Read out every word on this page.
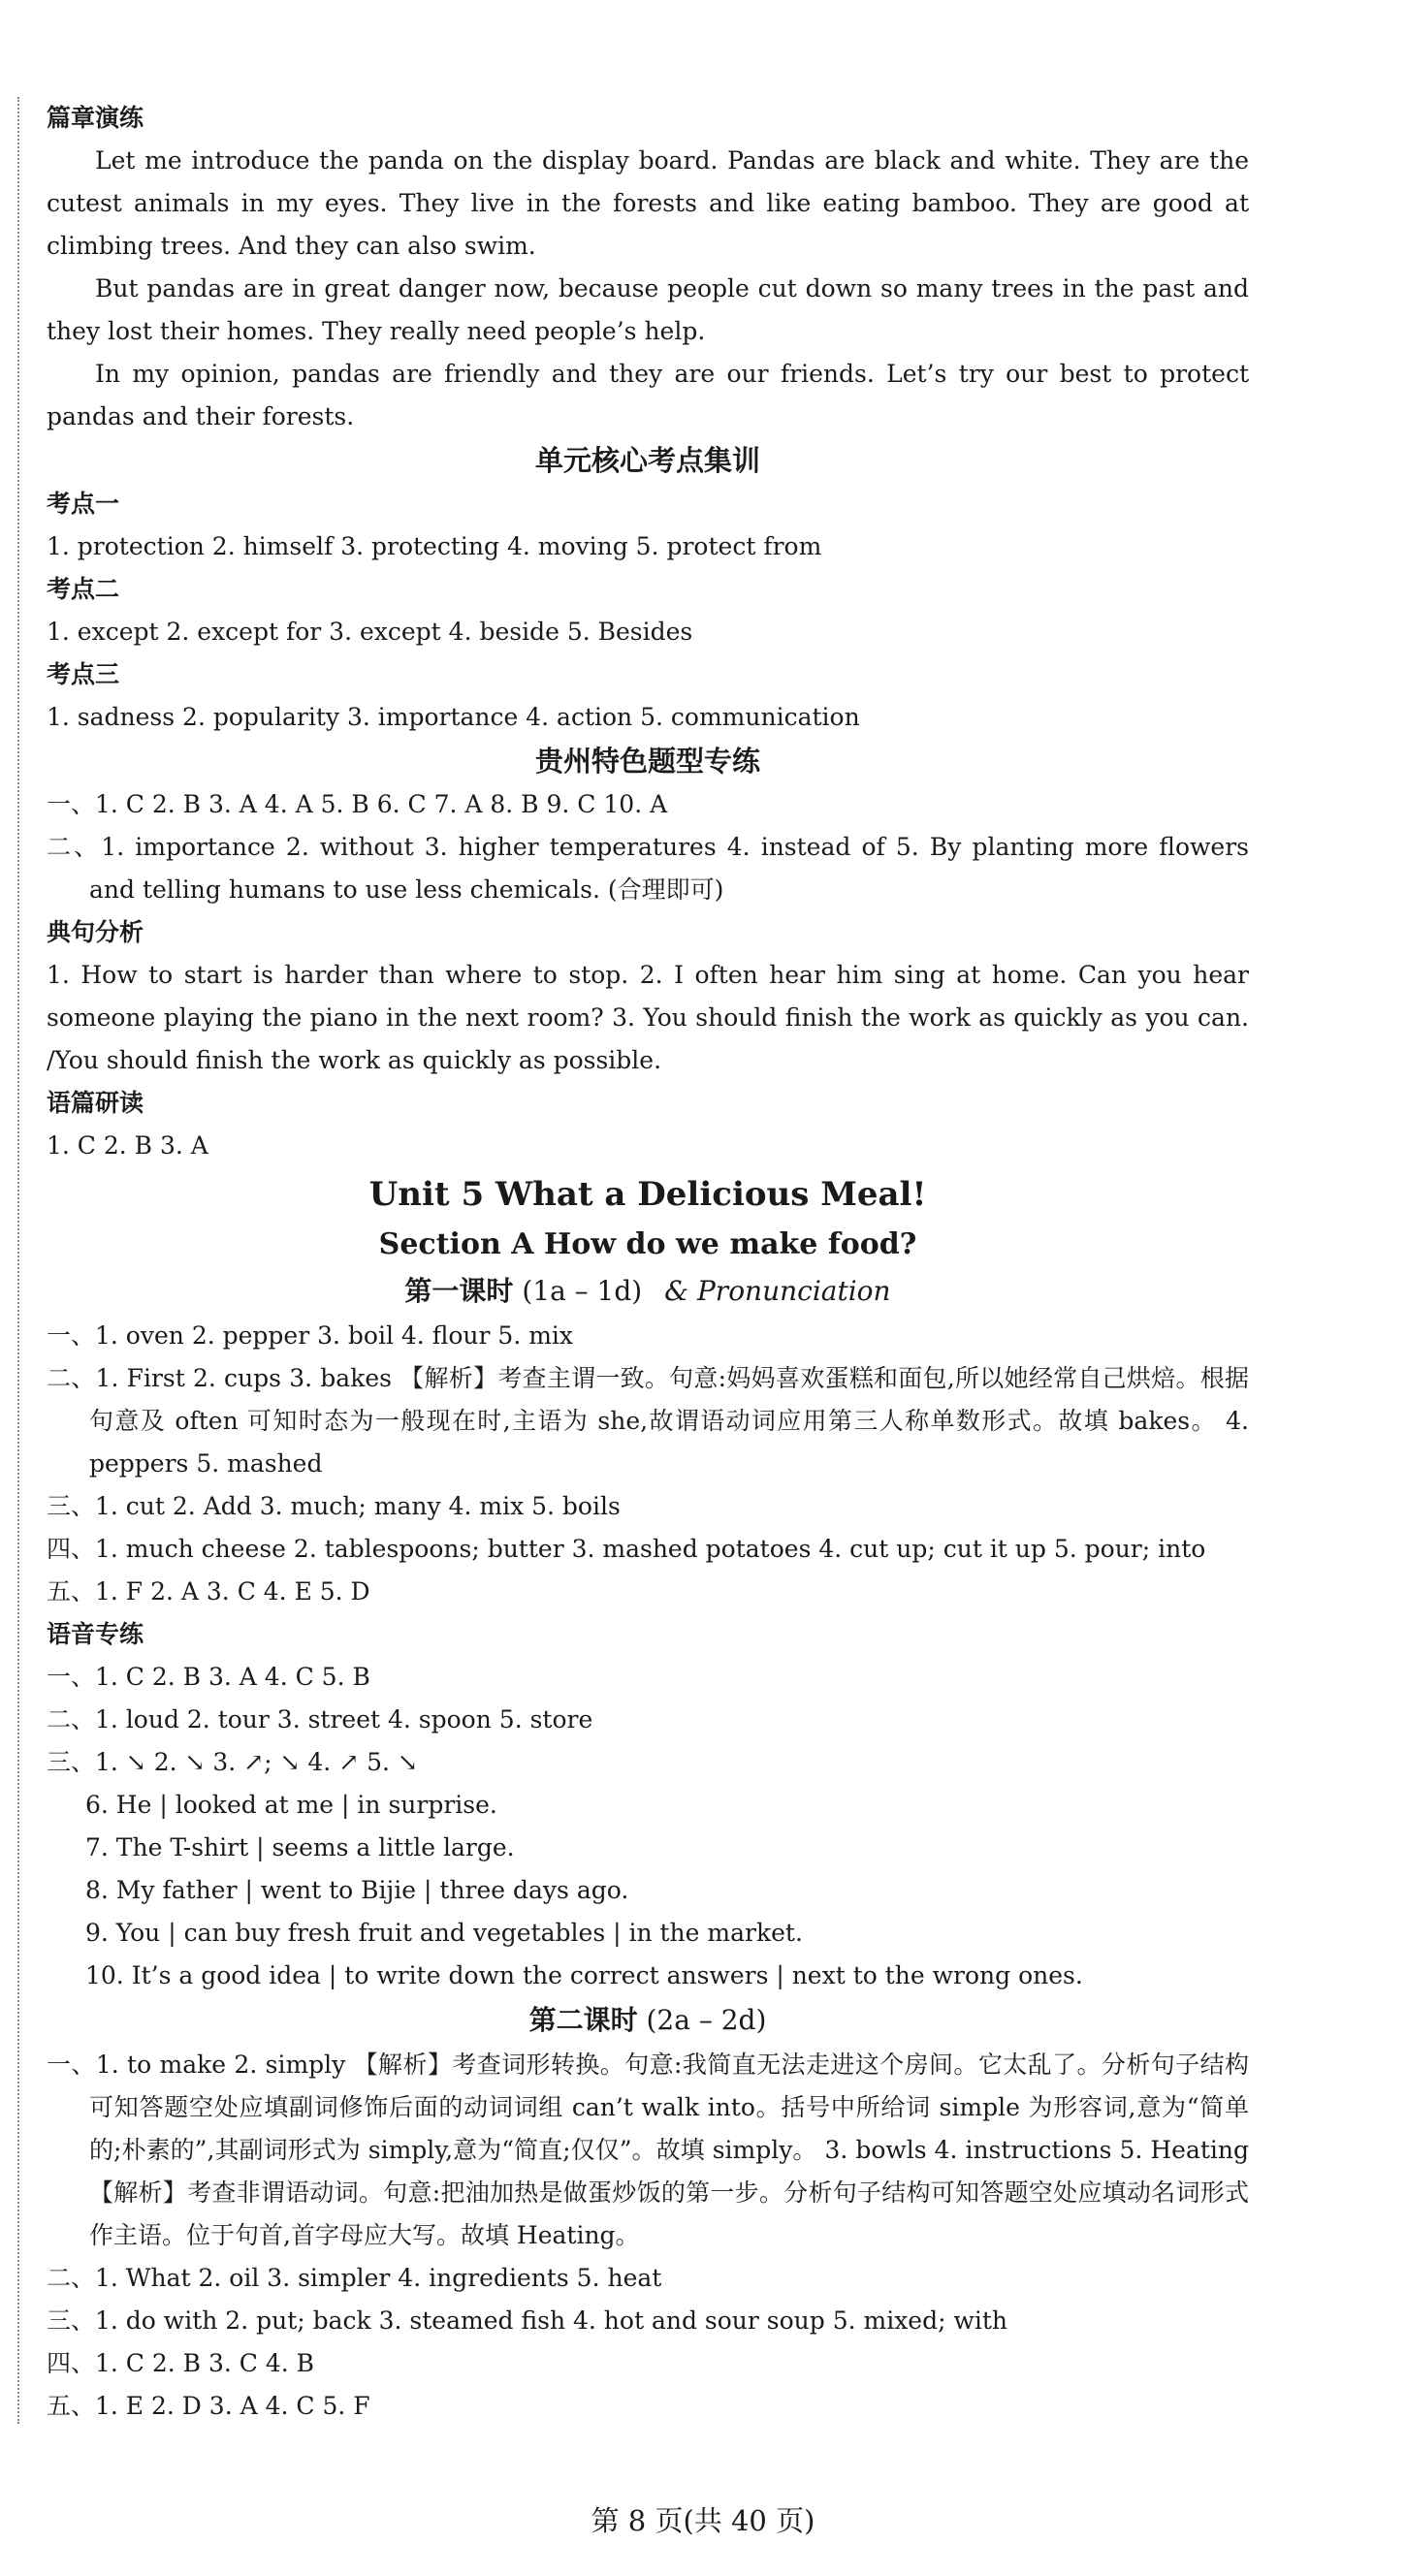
篇章演练
Let me introduce the panda on the display board. Pandas are black and white. They are the cutest animals in my eyes. They live in the forests and like eating bamboo. They are good at climbing trees. And they can also swim.
But pandas are in great danger now, because people cut down so many trees in the past and they lost their homes. They really need people’s help.
In my opinion, pandas are friendly and they are our friends. Let’s try our best to protect pandas and their forests.
单元核心考点集训
考点一
1. protection 2. himself 3. protecting 4. moving 5. protect from
考点二
1. except 2. except for 3. except 4. beside 5. Besides
考点三
1. sadness 2. popularity 3. importance 4. action 5. communication
贵州特色题型专练
一、1. C 2. B 3. A 4. A 5. B 6. C 7. A 8. B 9. C 10. A
二、1. importance 2. without 3. higher temperatures 4. instead of 5. By planting more flowers and telling humans to use less chemicals. (合理即可)
典句分析
1. How to start is harder than where to stop. 2. I often hear him sing at home. Can you hear someone playing the piano in the next room? 3. You should finish the work as quickly as you can. /You should finish the work as quickly as possible.
语篇研读
1. C 2. B 3. A
Unit 5 What a Delicious Meal!
Section A How do we make food?
第一课时 (1a – 1d) & Pronunciation
一、1. oven 2. pepper 3. boil 4. flour 5. mix
二、1. First 2. cups 3. bakes 【解析】考查主谓一致。句意:妈妈喜欢蛋糕和面包,所以她经常自己烘焙。根据句意及 often 可知时态为一般现在时,主语为 she,故谓语动词应用第三人称单数形式。故填 bakes。 4. peppers 5. mashed
三、1. cut 2. Add 3. much; many 4. mix 5. boils
四、1. much cheese 2. tablespoons; butter 3. mashed potatoes 4. cut up; cut it up 5. pour; into
五、1. F 2. A 3. C 4. E 5. D
语音专练
一、1. C 2. B 3. A 4. C 5. B
二、1. loud 2. tour 3. street 4. spoon 5. store
三、1. ↘ 2. ↘ 3. ↗; ↘ 4. ↗ 5. ↘
6. He | looked at me | in surprise.
7. The T-shirt | seems a little large.
8. My father | went to Bijie | three days ago.
9. You | can buy fresh fruit and vegetables | in the market.
10. It’s a good idea | to write down the correct answers | next to the wrong ones.
第二课时 (2a – 2d)
一、1. to make 2. simply 【解析】考查词形转换。句意:我简直无法走进这个房间。它太乱了。分析句子结构可知答题空处应填副词修饰后面的动词词组 can’t walk into。括号中所给词 simple 为形容词,意为“简单的;朴素的”,其副词形式为 simply,意为“简直;仅仅”。故填 simply。 3. bowls 4. instructions 5. Heating 【解析】考查非谓语动词。句意:把油加热是做蛋炒饭的第一步。分析句子结构可知答题空处应填动名词形式作主语。位于句首,首字母应大写。故填 Heating。
二、1. What 2. oil 3. simpler 4. ingredients 5. heat
三、1. do with 2. put; back 3. steamed fish 4. hot and sour soup 5. mixed; with
四、1. C 2. B 3. C 4. B
五、1. E 2. D 3. A 4. C 5. F
第 8 页(共 40 页)
